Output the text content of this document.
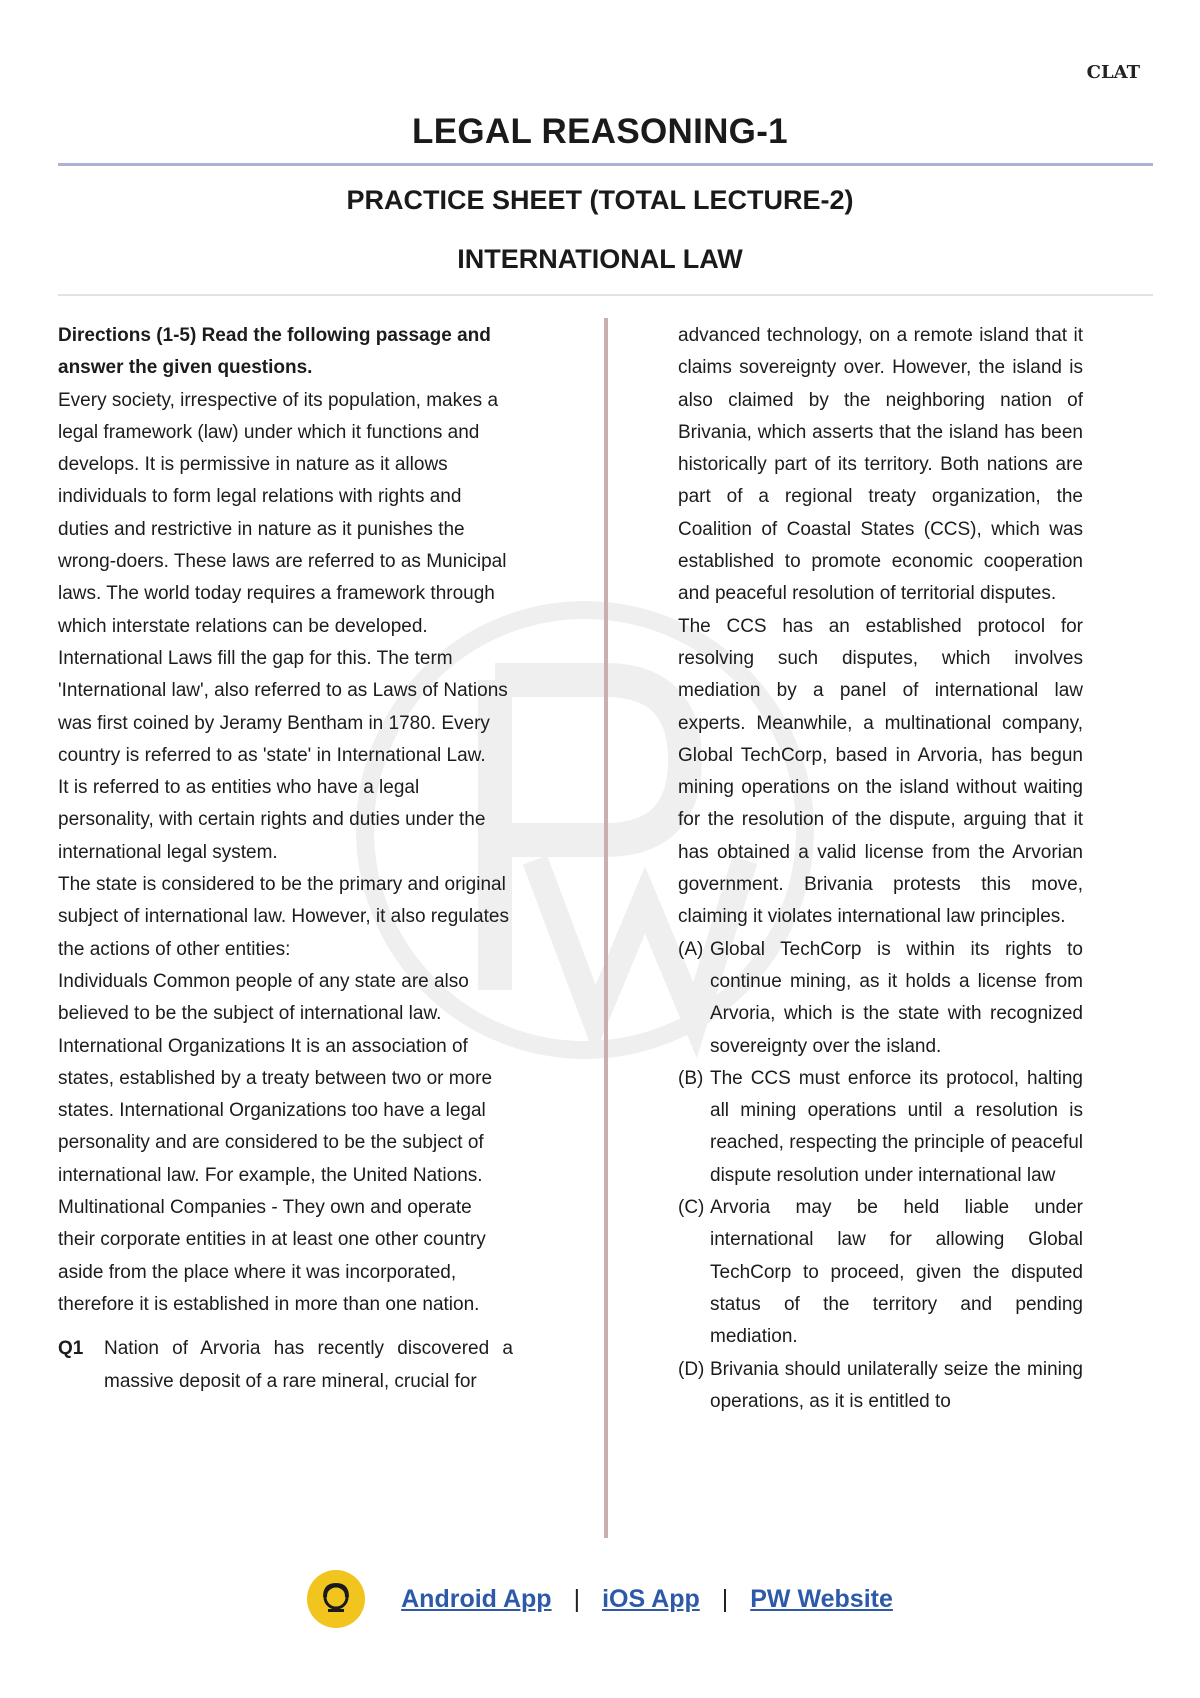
CLAT
LEGAL REASONING-1
PRACTICE SHEET (TOTAL LECTURE-2)
INTERNATIONAL LAW

Directions (1-5) Read the following passage and answer the given questions.

Every society, irrespective of its population, makes a legal framework (law) under which it functions and develops. It is permissive in nature as it allows individuals to form legal relations with rights and duties and restrictive in nature as it punishes the wrong-doers. These laws are referred to as Municipal laws. The world today requires a framework through which interstate relations can be developed. International Laws fill the gap for this. The term 'International law', also referred to as Laws of Nations was first coined by Jeramy Bentham in 1780. Every country is referred to as 'state' in International Law.

It is referred to as entities who have a legal personality, with certain rights and duties under the international legal system.

The state is considered to be the primary and original subject of international law. However, it also regulates the actions of other entities:

Individuals Common people of any state are also believed to be the subject of international law.

International Organizations It is an association of states, established by a treaty between two or more states. International Organizations too have a legal personality and are considered to be the subject of international law. For example, the United Nations.

Multinational Companies - They own and operate their corporate entities in at least one other country aside from the place where it was incorporated, therefore it is established in more than one nation.

Q1	Nation of Arvoria has recently discovered a massive deposit of a rare mineral, crucial for

advanced technology, on a remote island that it claims sovereignty over. However, the island is also claimed by the neighboring nation of Brivania, which asserts that the island has been historically part of its territory. Both nations are part of a regional treaty organization, the Coalition of Coastal States (CCS), which was established to promote economic cooperation and peaceful resolution of territorial disputes.

The CCS has an established protocol for resolving such disputes, which involves mediation by a panel of international law experts. Meanwhile, a multinational company, Global TechCorp, based in Arvoria, has begun mining operations on the island without waiting for the resolution of the dispute, arguing that it has obtained a valid license from the Arvorian government. Brivania protests this move, claiming it violates international law principles.

(A) Global TechCorp is within its rights to continue mining, as it holds a license from Arvoria, which is the state with recognized sovereignty over the island.
(B) The CCS must enforce its protocol, halting all mining operations until a resolution is reached, respecting the principle of peaceful dispute resolution under international law
(C) Arvoria may be held liable under international law for allowing Global TechCorp to proceed, given the disputed status of the territory and pending mediation.
(D) Brivania should unilaterally seize the mining operations, as it is entitled to
Android App | iOS App | PW Website
